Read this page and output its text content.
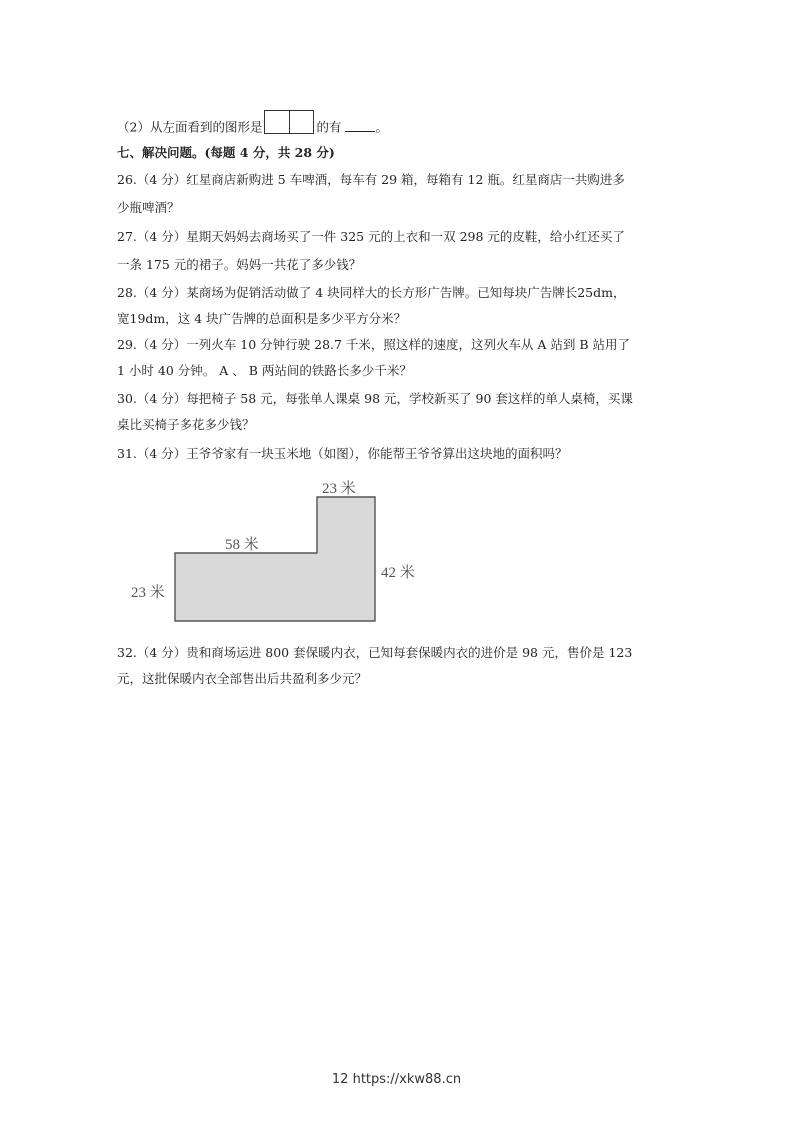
（2）从左面看到的图形是	的有	。
七、解决问题。(每题 4 分，共 28 分)
26.（4 分）红星商店新购进 5 车啤酒，每车有 29 箱，每箱有 12 瓶。红星商店一共购进多
少瓶啤酒？
27.（4 分）星期天妈妈去商场买了一件 325 元的上衣和一双 298 元的皮鞋，给小红还买了
一条 175 元的裙子。妈妈一共花了多少钱？
28.（4 分）某商场为促销活动做了 4 块同样大的长方形广告牌。已知每块广告牌长25dm，
宽19dm，这 4 块广告牌的总面积是多少平方分米？
29.（4 分）一列火车 10 分钟行驶 28.7 千米，照这样的速度，这列火车从 A 站到 B 站用了
1 小时 40 分钟。 A 、 B 两站间的铁路长多少千米？
30.（4 分）每把椅子 58 元，每张单人课桌 98 元，学校新买了 90 套这样的单人桌椅，买课
桌比买椅子多花多少钱？
31.（4 分）王爷爷家有一块玉米地（如图），你能帮王爷爷算出这块地的面积吗？
23 米
58 米
42 米
23 米
32.（4 分）贵和商场运进 800 套保暖内衣，已知每套保暖内衣的进价是 98 元，售价是 123
元，这批保暖内衣全部售出后共盈利多少元？
12 https://xkw88.cn
